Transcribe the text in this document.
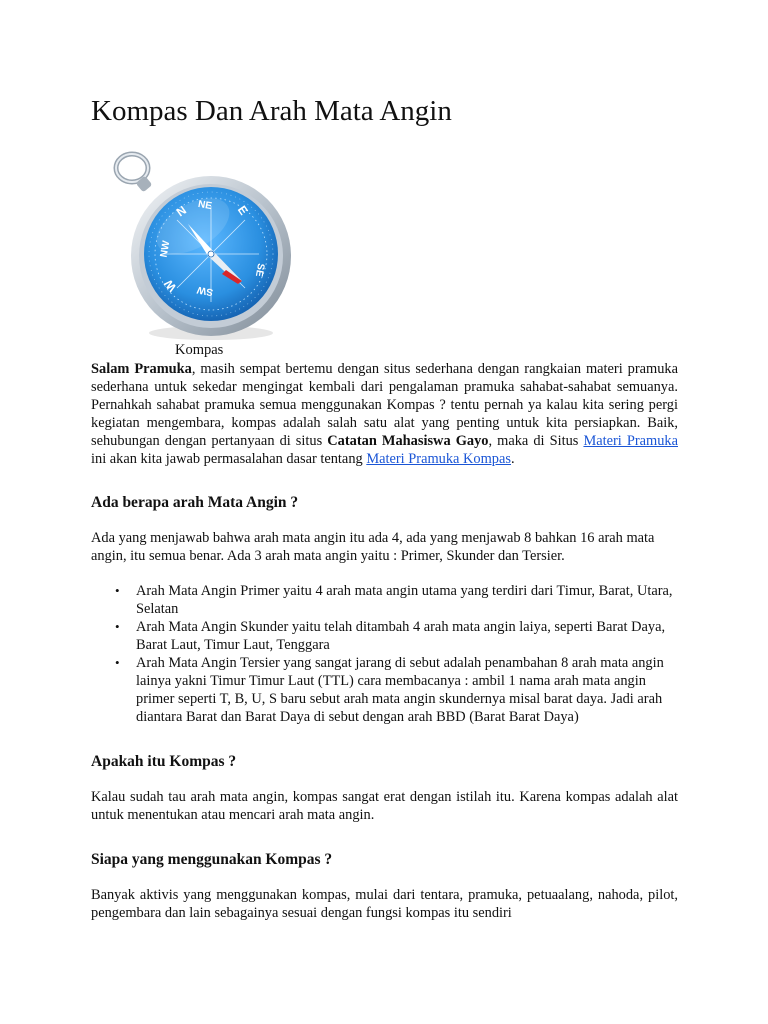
Kompas Dan Arah Mata Angin
NE E
N
NW
SE
W SW
Kompas

Salam Pramuka, masih sempat bertemu dengan situs sederhana dengan rangkaian materi pramuka sederhana untuk sekedar mengingat kembali dari pengalaman pramuka sahabat-sahabat semuanya. Pernahkah sahabat pramuka semua menggunakan Kompas ? tentu pernah ya kalau kita sering pergi kegiatan mengembara, kompas adalah salah satu alat yang penting untuk kita persiapkan. Baik, sehubungan dengan pertanyaan di situs Catatan Mahasiswa Gayo, maka di Situs Materi Pramuka ini akan kita jawab permasalahan dasar tentang Materi Pramuka Kompas.

Ada berapa arah Mata Angin ?

Ada yang menjawab bahwa arah mata angin itu ada 4, ada yang menjawab 8 bahkan 16 arah mata angin, itu semua benar. Ada 3 arah mata angin yaitu : Primer, Skunder dan Tersier.

• Arah Mata Angin Primer yaitu 4 arah mata angin utama yang terdiri dari Timur, Barat, Utara, Selatan
• Arah Mata Angin Skunder yaitu telah ditambah 4 arah mata angin laiya, seperti Barat Daya, Barat Laut, Timur Laut, Tenggara
• Arah Mata Angin Tersier yang sangat jarang di sebut adalah penambahan 8 arah mata angin lainya yakni Timur Timur Laut (TTL) cara membacanya : ambil 1 nama arah mata angin primer seperti T, B, U, S baru sebut arah mata angin skundernya misal barat daya. Jadi arah diantara Barat dan Barat Daya di sebut dengan arah BBD (Barat Barat Daya)
Apakah itu Kompas ?

Kalau sudah tau arah mata angin, kompas sangat erat dengan istilah itu. Karena kompas adalah alat untuk menentukan atau mencari arah mata angin.

Siapa yang menggunakan Kompas ?

Banyak aktivis yang menggunakan kompas, mulai dari tentara, pramuka, petuaalang, nahoda, pilot, pengembara dan lain sebagainya sesuai dengan fungsi kompas itu sendiri
